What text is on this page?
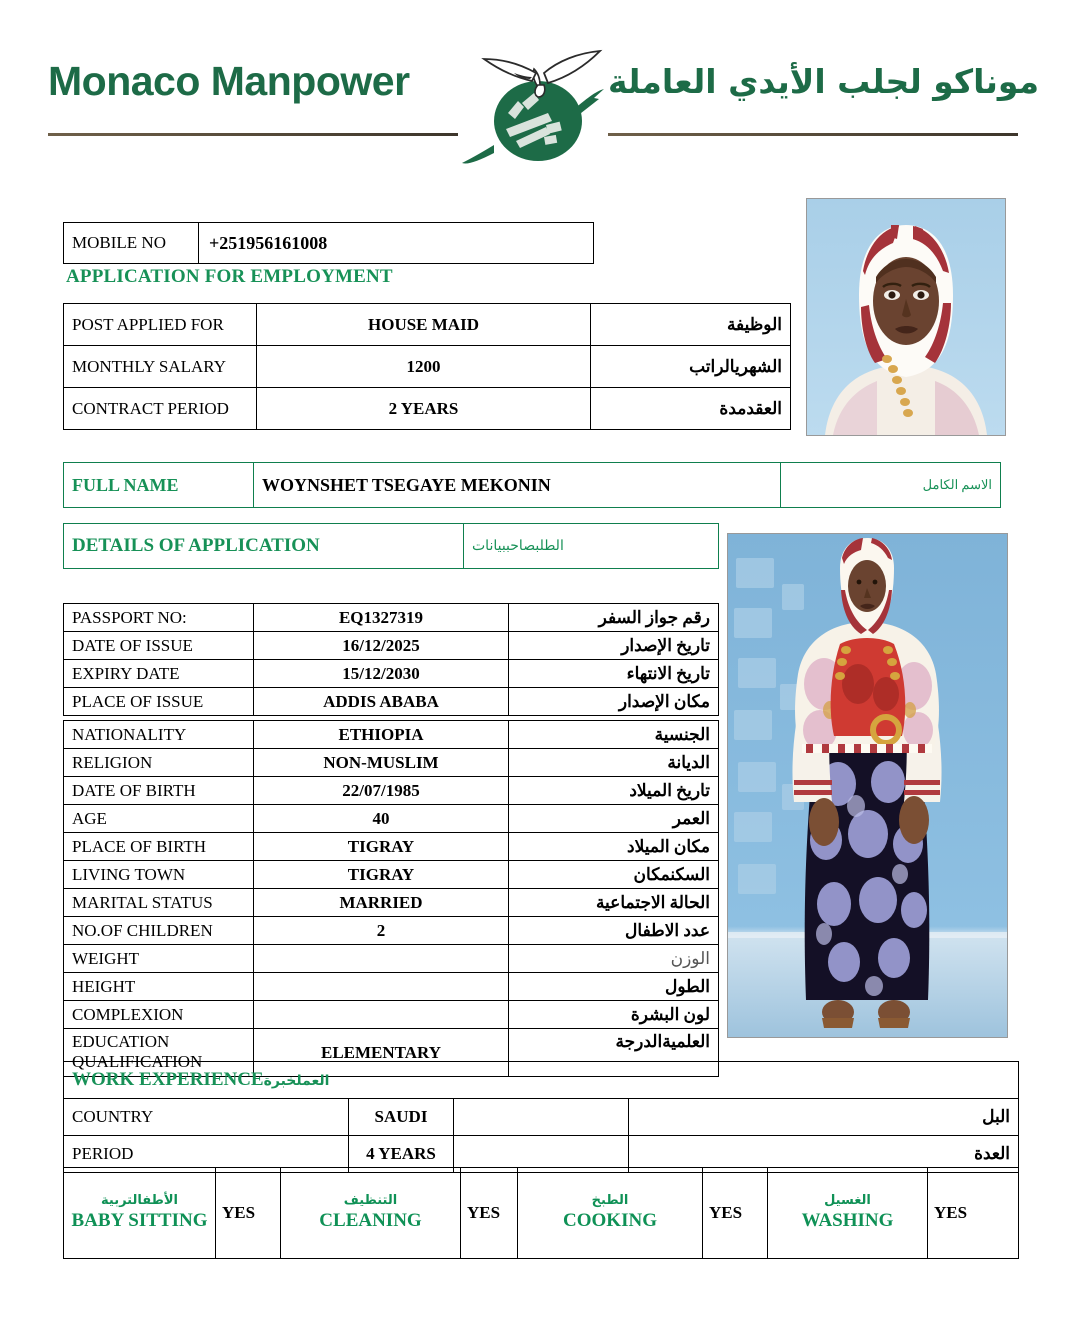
Monaco Manpower	موناكو لجلب الأيدي العاملة
MOBILE NO	+251956161008
APPLICATION FOR EMPLOYMENT
POST APPLIED FOR	HOUSE MAID	الوظيفة
MONTHLY SALARY	1200	الشهريالراتب
CONTRACT PERIOD	2 YEARS	العقدمدة
FULL NAME	WOYNSHET TSEGAYE MEKONIN	الاسم الكامل
DETAILS OF APPLICATION	الطلبصاحببيانات
PASSPORT NO:	EQ1327319	رقم جواز السفر
DATE OF ISSUE	16/12/2025	تاريخ الإصدار
EXPIRY DATE	15/12/2030	تاريخ الانتهاء
PLACE OF ISSUE	ADDIS ABABA	مكان الإصدار
NATIONALITY	ETHIOPIA	الجنسية
RELIGION	NON-MUSLIM	الديانة
DATE OF BIRTH	22/07/1985	تاريخ الميلاد
AGE	40	العمر
PLACE OF BIRTH	TIGRAY	مكان الميلاد
LIVING TOWN	TIGRAY	السكنمكان
MARITAL STATUS	MARRIED	الحالة الاجتماعية
NO.OF CHILDREN	2	عدد الاطفال
WEIGHT		الوزن
HEIGHT		الطول
COMPLEXION		لون البشرة
EDUCATION QUALIFICATION	ELEMENTARY	العلميةالدرجة
WORK EXPERIENCEالعملخبرة			
COUNTRY	SAUDI		البل
PERIOD	4 YEARS		العدة
الأطفالتربية
BABY SITTING	YES	
التنظيف
CLEANING	YES	
الطبخ
COOKING	YES	
الغسيل
WASHING	YES
